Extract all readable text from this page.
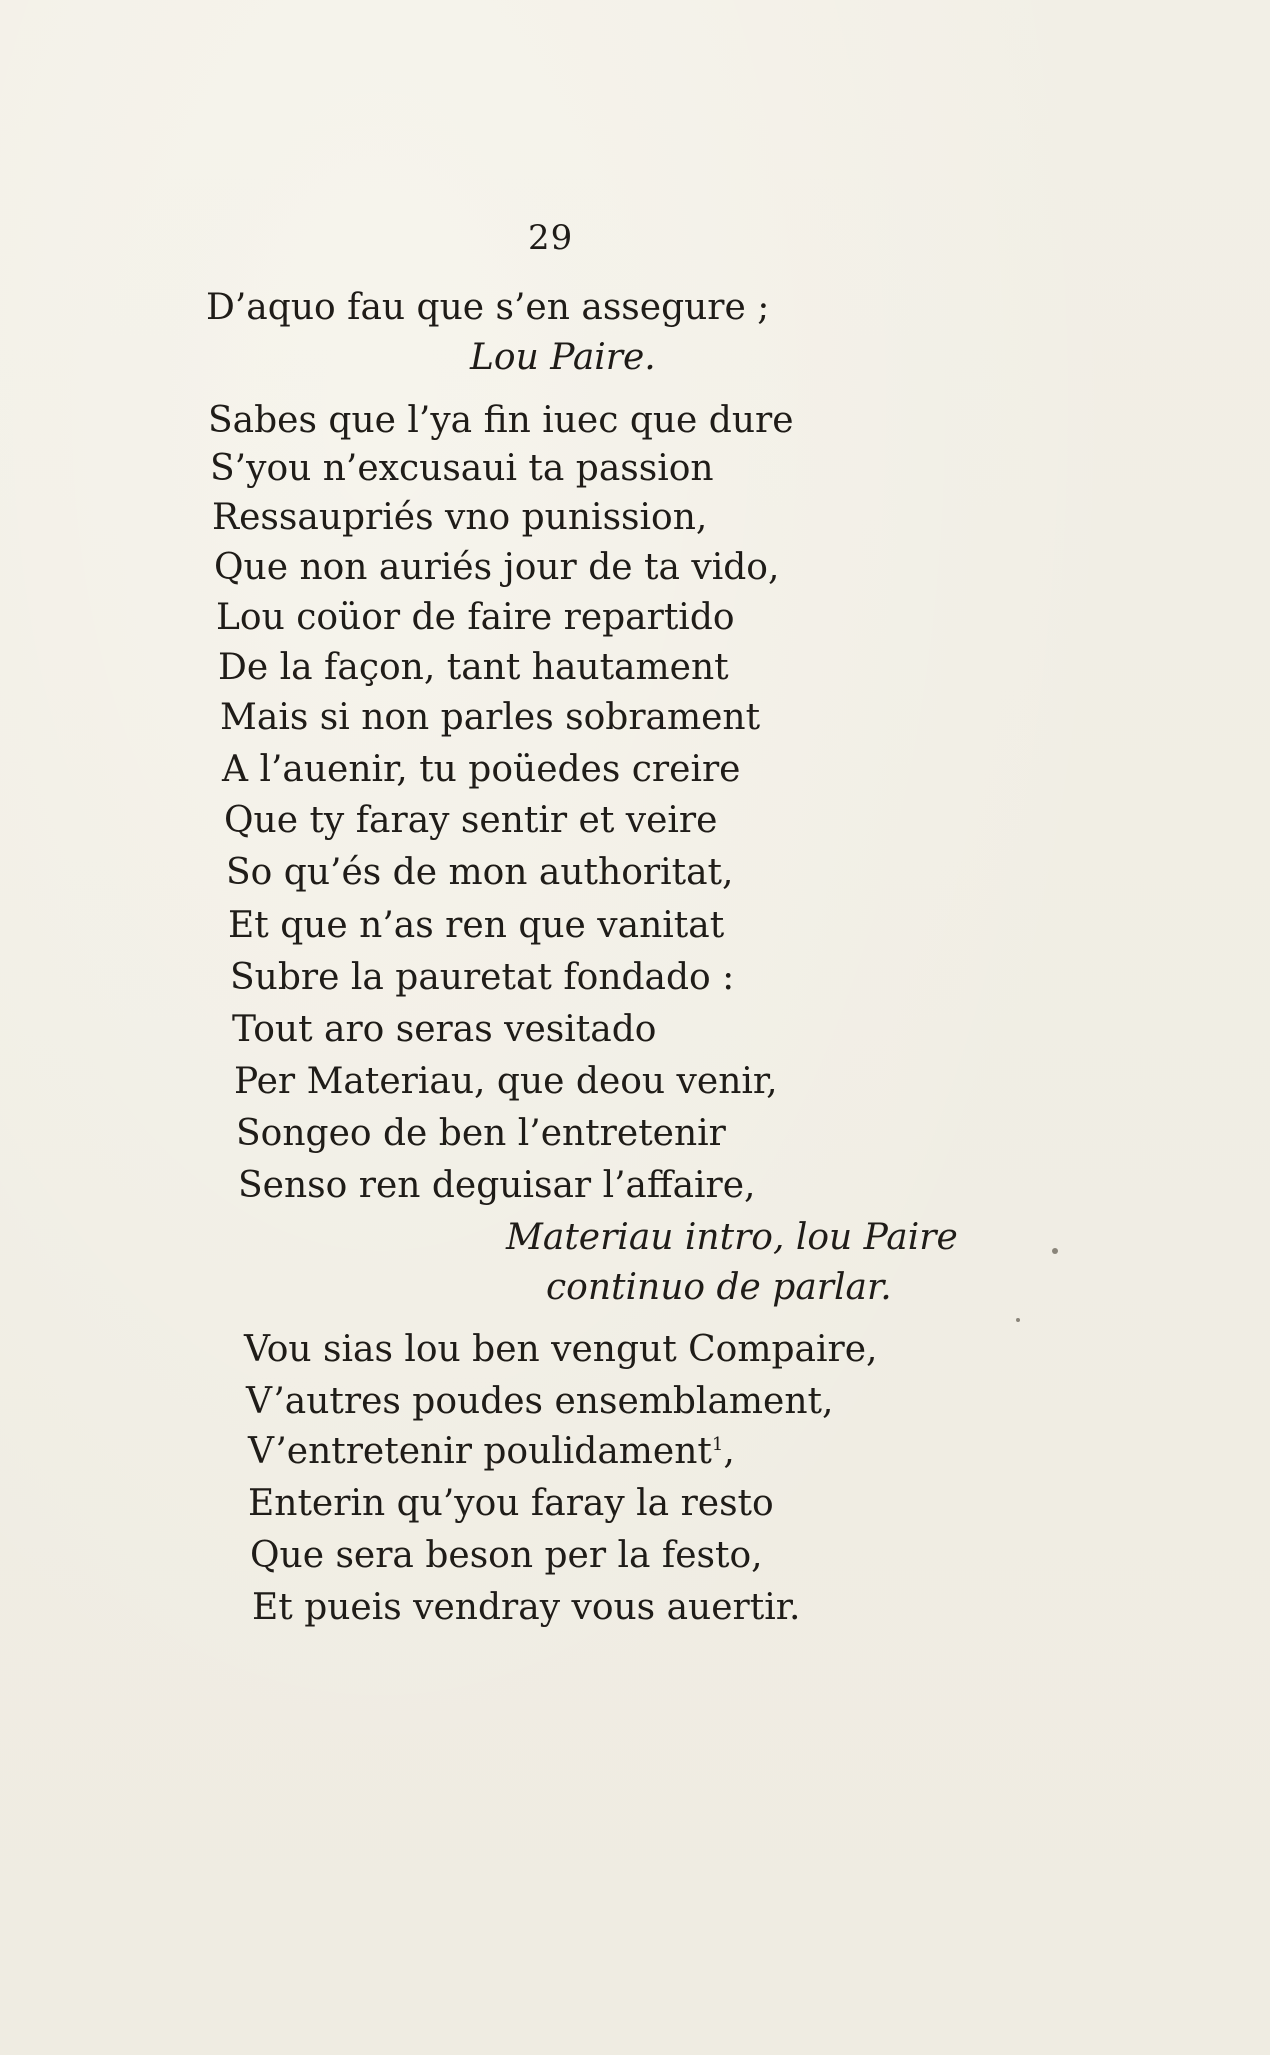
29
D’aquo fau que s’en assegure ;
Lou Paire.
Sabes que l’ya fin iuec que dure
S’you n’excusaui ta passion
Ressaupriés vno punission,
Que non auriés jour de ta vido,
Lou coüor de faire repartido
De la façon, tant hautament
Mais si non parles sobrament
A l’auenir, tu poüedes creire
Que ty faray sentir et veire
So qu’és de mon authoritat,
Et que n’as ren que vanitat
Subre la pauretat fondado :
Tout aro seras vesitado
Per Materiau, que deou venir,
Songeo de ben l’entretenir
Senso ren deguisar l’affaire,
Materiau intro, lou Paire
continuo de parlar.
Vou sias lou ben vengut Compaire,
V’autres poudes ensemblament,
V’entretenir poulidament$^1$,
Enterin qu’you faray la resto
Que sera beson per la festo,
Et pueis vendray vous auertir.
